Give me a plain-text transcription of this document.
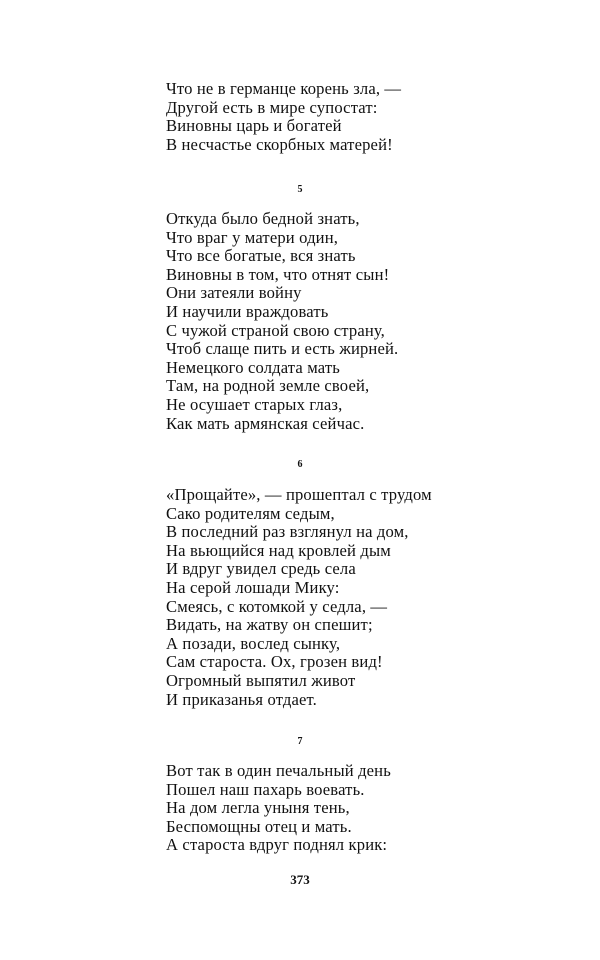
Что не в германце корень зла, —
Другой есть в мире супостат:
Виновны царь и богатей
В несчастье скорбных матерей!
5
Откуда было бедной знать,
Что враг у матери один,
Что все богатые, вся знать
Виновны в том, что отнят сын!
Они затеяли войну
И научили враждовать
С чужой страной свою страну,
Чтоб слаще пить и есть жирней.
Немецкого солдата мать
Там, на родной земле своей,
Не осушает старых глаз,
Как мать армянская сейчас.
6
«Прощайте», — прошептал с трудом
Сако родителям седым,
В последний раз взглянул на дом,
На вьющийся над кровлей дым
И вдруг увидел средь села
На серой лошади Мику:
Смеясь, с котомкой у седла, —
Видать, на жатву он спешит;
А позади, вослед сынку,
Сам староста. Ох, грозен вид!
Огромный выпятил живот
И приказанья отдает.
7
Вот так в один печальный день
Пошел наш пахарь воевать.
На дом легла уныня тень,
Беспомощны отец и мать.
А староста вдруг поднял крик:
373
